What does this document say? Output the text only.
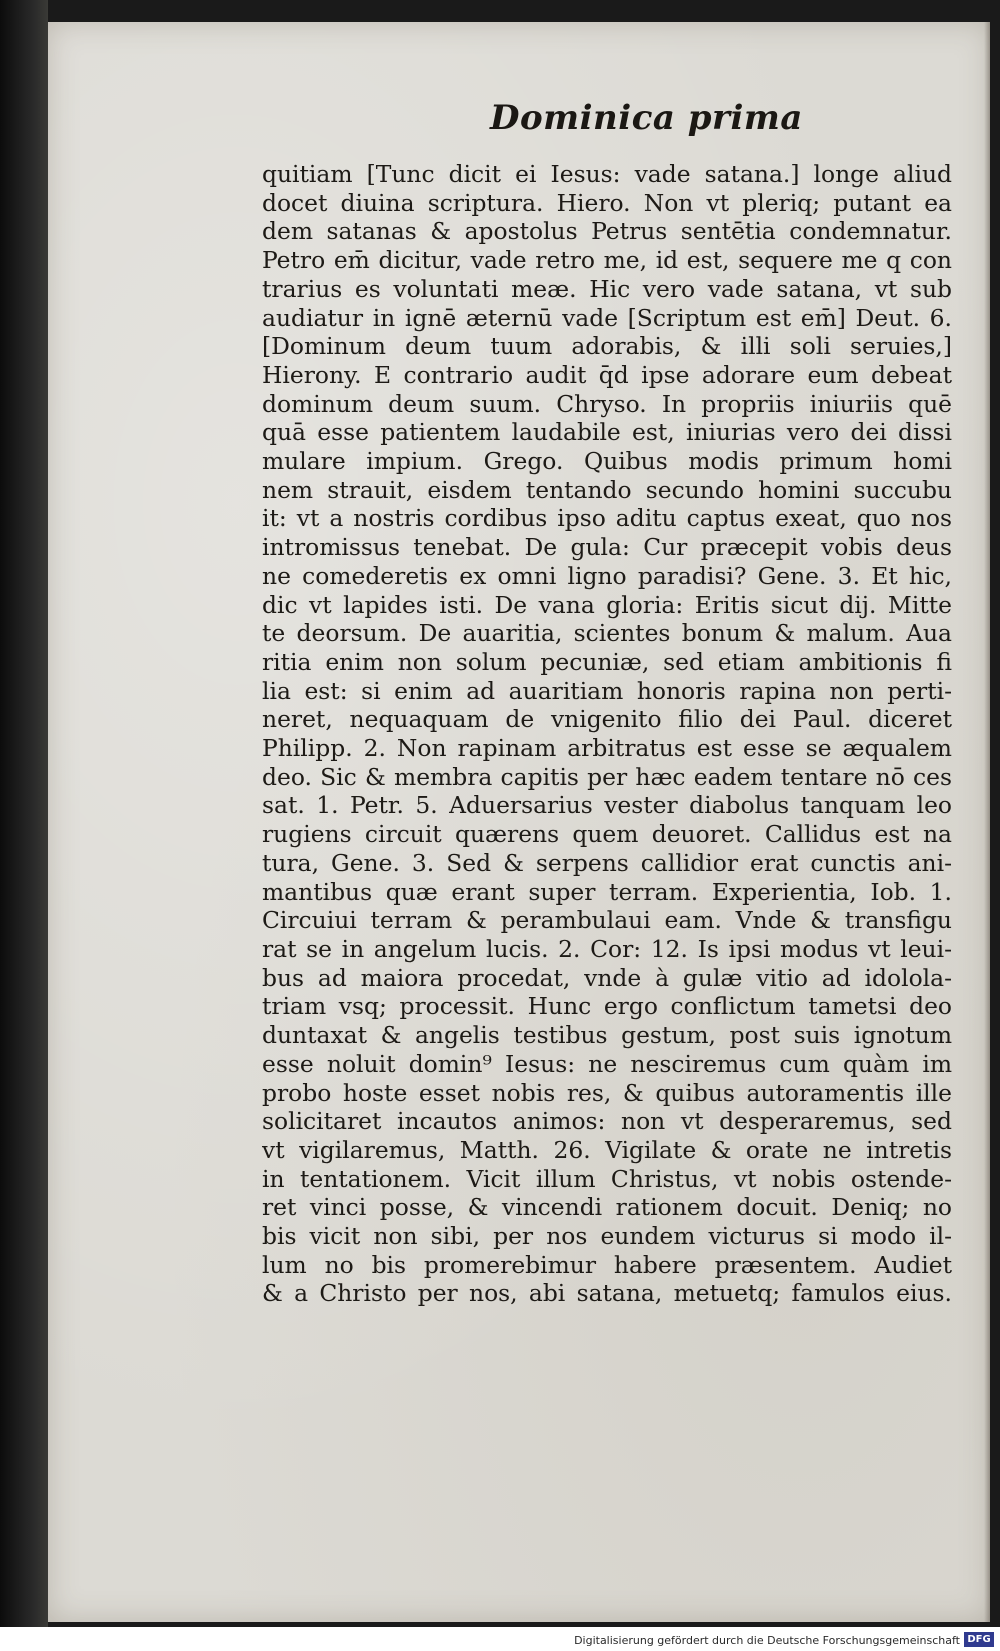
Dominica prima
quitiam [Tunc dicit ei Iesus: vade satana.] longe aliud
docet diuina scriptura. Hiero. Non vt pleriq; putant ea
dem satanas & apostolus Petrus sentētia condemnatur.
Petro em̄ dicitur, vade retro me, id est, sequere me q con
trarius es voluntati meæ. Hic vero vade satana, vt sub
audiatur in ignē æternū vade [Scriptum est em̄] Deut. 6.
[Dominum deum tuum adorabis, & illi soli seruies,]
Hierony. E contrario audit q̄d ipse adorare eum debeat
dominum deum suum. Chryso. In propriis iniuriis quē
quā esse patientem laudabile est, iniurias vero dei dissi
mulare impium. Grego. Quibus modis primum homi
nem strauit, eisdem tentando secundo homini succubu
it: vt a nostris cordibus ipso aditu captus exeat, quo nos
intromissus tenebat. De gula: Cur præcepit vobis deus
ne comederetis ex omni ligno paradisi? Gene. 3. Et hic,
dic vt lapides isti. De vana gloria: Eritis sicut dij. Mitte
te deorsum. De auaritia, scientes bonum & malum. Aua
ritia enim non solum pecuniæ, sed etiam ambitionis fi
lia est: si enim ad auaritiam honoris rapina non perti-
neret, nequaquam de vnigenito filio dei Paul. diceret
Philipp. 2. Non rapinam arbitratus est esse se æqualem
deo. Sic & membra capitis per hæc eadem tentare nō ces
sat. 1. Petr. 5. Aduersarius vester diabolus tanquam leo
rugiens circuit quærens quem deuoret. Callidus est na
tura, Gene. 3. Sed & serpens callidior erat cunctis ani-
mantibus quæ erant super terram. Experientia, Iob. 1.
Circuiui terram & perambulaui eam. Vnde & transfigu
rat se in angelum lucis. 2. Cor: 12. Is ipsi modus vt leui-
bus ad maiora procedat, vnde à gulæ vitio ad idolola-
triam vsq; processit. Hunc ergo conflictum tametsi deo
duntaxat & angelis testibus gestum, post suis ignotum
esse noluit domin⁹ Iesus: ne nesciremus cum quàm im
probo hoste esset nobis res, & quibus autoramentis ille
solicitaret incautos animos: non vt desperaremus, sed
vt vigilaremus, Matth. 26. Vigilate & orate ne intretis
in tentationem. Vicit illum Christus, vt nobis ostende-
ret vinci posse, & vincendi rationem docuit. Deniq; no
bis vicit non sibi, per nos eundem victurus si modo il-
lum no bis promerebimur habere præsentem. Audiet
& a Christo per nos, abi satana, metuetq; famulos eius.
Digitalisierung gefördert durch die Deutsche Forschungsgemeinschaft DFG
